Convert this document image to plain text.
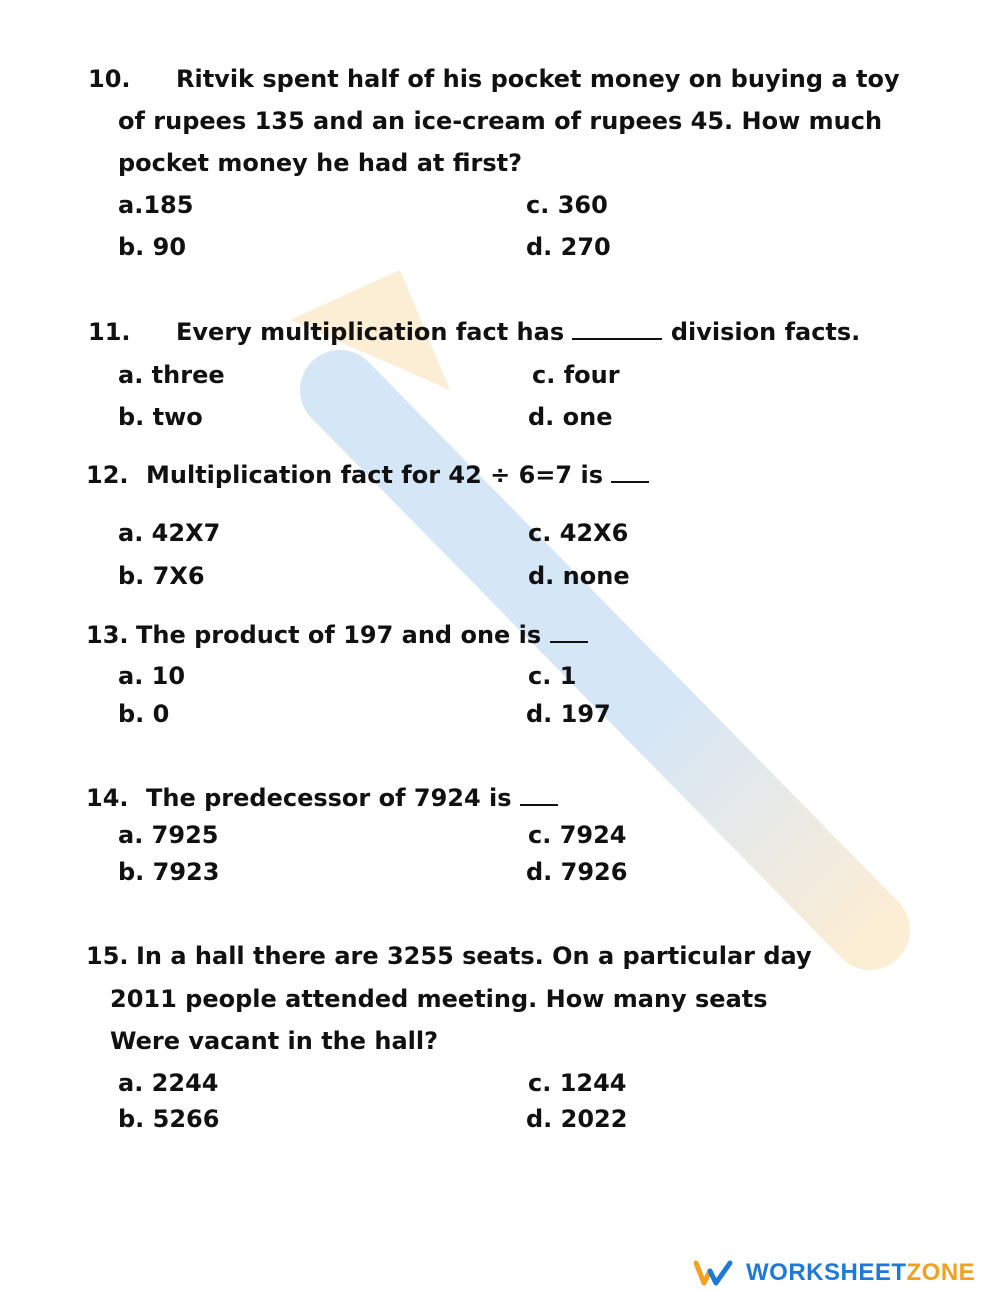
10. Ritvik spent half of his pocket money on buying a toy
of rupees 135 and an ice-cream of rupees 45. How much
pocket money he had at first?
a.185	c. 360
b. 90	d. 270
11. Every multiplication fact has	division facts.
a. three	c. four
b. two	d. one
12. Multiplication fact for 42 ÷ 6=7 is
a. 42X7	c. 42X6
b. 7X6	d. none
13. The product of 197 and one is
a. 10	c. 1
b. 0	d. 197
14. The predecessor of 7924 is
a. 7925	c. 7924
b. 7923	d. 7926
15. In a hall there are 3255 seats. On a particular day
2011 people attended meeting. How many seats
Were vacant in the hall?
a. 2244	c. 1244
b. 5266	d. 2022
WORKSHEET ZONE
